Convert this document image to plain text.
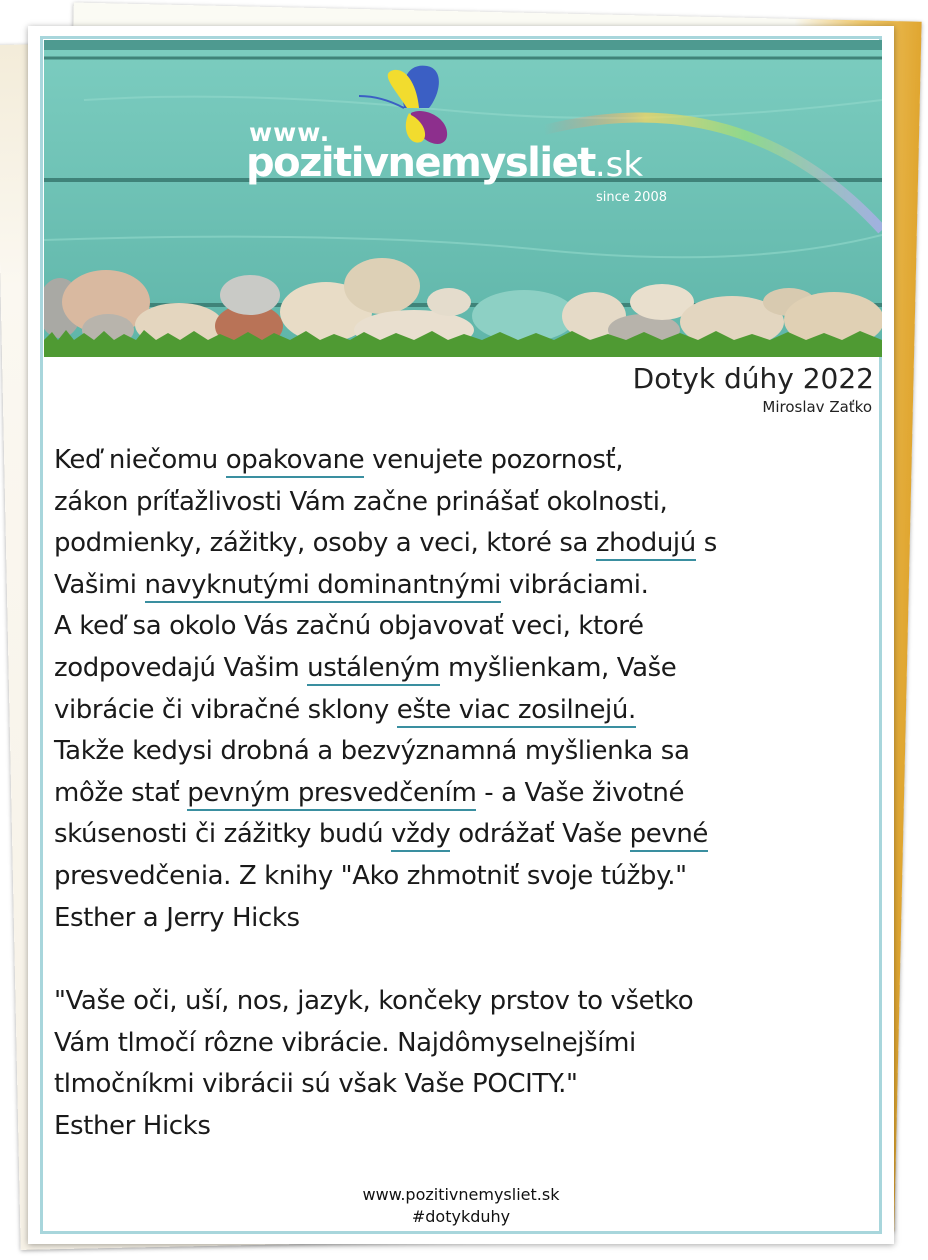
www.
pozitivnemysliet.sk
since 2008
Dotyk dúhy 2022
Miroslav Zaťko
Keď niečomu opakovane venujete pozornosť,
zákon príťažlivosti Vám začne prinášať okolnosti,
podmienky, zážitky, osoby a veci, ktoré sa zhodujú s
Vašimi navyknutými dominantnými vibráciami.
A keď sa okolo Vás začnú objavovať veci, ktoré
zodpovedajú Vašim ustáleným myšlienkam, Vaše
vibrácie či vibračné sklony ešte viac zosilnejú.
Takže kedysi drobná a bezvýznamná myšlienka sa
môže stať pevným presvedčením - a Vaše životné
skúsenosti či zážitky budú vždy odrážať Vaše pevné
presvedčenia. Z knihy "Ako zhmotniť svoje túžby."
Esther a Jerry Hicks
"Vaše oči, uší, nos, jazyk, končeky prstov to všetko
Vám tlmočí rôzne vibrácie. Najdômyselnejšími
tlmočníkmi vibrácii sú však Vaše POCITY."
Esther Hicks
www.pozitivnemysliet.sk
#dotykduhy
